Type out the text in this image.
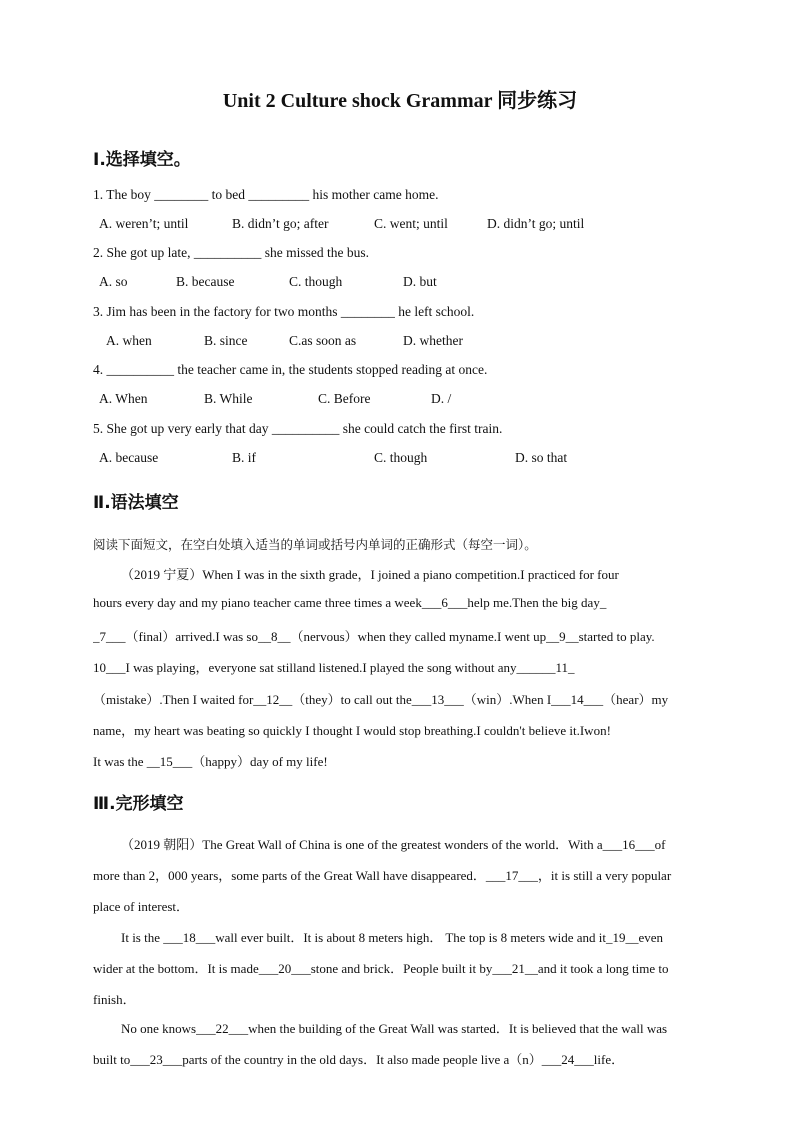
Unit 2 Culture shock Grammar 同步练习
I.选择填空。
1. The boy ________ to bed _________ his mother came home.
A. weren’t; until	B. didn’t go; after	C. went; until	D. didn’t go; until
2. She got up late, __________ she missed the bus.
A. so	B. because	C. though	D. but
3. Jim has been in the factory for two months ________ he left school.
A. when	B. since	C.as soon as	D. whether
4. __________ the teacher came in, the students stopped reading at once.
A. When	B. While	C. Before	D. /
5. She got up very early that day __________ she could catch the first train.
A. because	B. if	C. though	D. so that
Ⅱ.语法填空
阅读下面短文，在空白处填入适当的单词或括号内单词的正确形式（每空一词）。
（2019 宁夏）When I was in the sixth grade，I joined a piano competition.I practiced for four
hours every day and my piano teacher came three times a week___6___help me.Then the big day_
_7___（final）arrived.I was so__8__（nervous）when they called myname.I went up__9__started to play.
10___I was playing，everyone sat stilland listened.I played the song without any______11_
（mistake）.Then I waited for__12__（they）to call out the___13___（win）.When I___14___（hear）my
name，my heart was beating so quickly I thought I would stop breathing.I couldn't believe it.Iwon!
It was the __15___（happy）day of my life!
Ⅲ.完形填空
（2019 朝阳）The Great Wall of China is one of the greatest wonders of the world．With a___16___of
more than 2，000 years，some parts of the Great Wall have disappeared．___17___，it is still a very popular
place of interest．
It is the ___18___wall ever built．It is about 8 meters high． The top is 8 meters wide and it_19__even
wider at the bottom．It is made___20___stone and brick．People built it by___21__and it took a long time to
finish．
No one knows___22___when the building of the Great Wall was started．It is believed that the wall was
built to___23___parts of the country in the old days．It also made people live a（n）___24___life．
